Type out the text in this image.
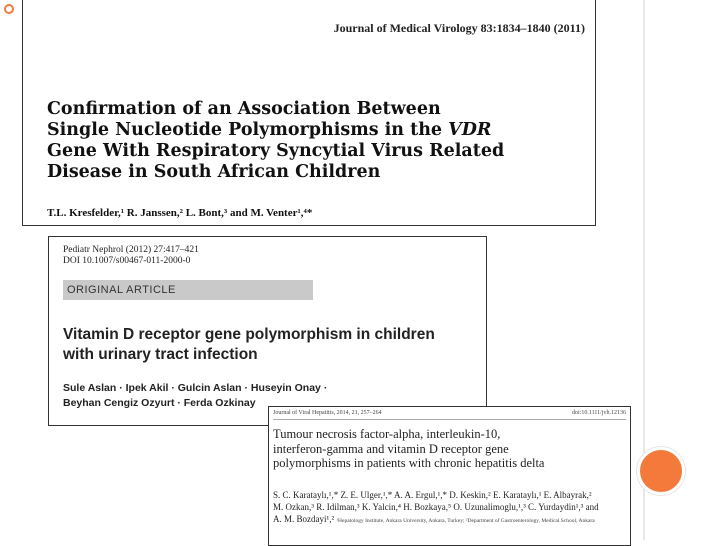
Journal of Medical Virology 83:1834–1840 (2011)
Confirmation of an Association Between
Single Nucleotide Polymorphisms in the VDR
Gene With Respiratory Syncytial Virus Related
Disease in South African Children
T.L. Kresfelder,¹ R. Janssen,² L. Bont,³ and M. Venter¹,⁴*
Pediatr Nephrol (2012) 27:417–421
DOI 10.1007/s00467-011-2000-0
ORIGINAL ARTICLE
Vitamin D receptor gene polymorphism in children
with urinary tract infection
Sule Aslan · Ipek Akil · Gulcin Aslan · Huseyin Onay ·
Beyhan Cengiz Ozyurt · Ferda Ozkinay
Journal of Viral Hepatitis, 2014, 21, 257–264	doi:10.1111/jvh.12136
Tumour necrosis factor-alpha, interleukin-10,
interferon-gamma and vitamin D receptor gene
polymorphisms in patients with chronic hepatitis delta
S. C. Karataylı,¹,* Z. E. Ulger,¹,* A. A. Ergul,¹,* D. Keskin,² E. Karataylı,¹ E. Albayrak,²
M. Ozkan,³ R. Idilman,³ K. Yalcin,⁴ H. Bozkaya,⁵ O. Uzunalimoglu,¹,³ C. Yurdaydin¹,³ and
A. M. Bozdayi¹,² ¹Hepatology Institute, Ankara University, Ankara, Turkey; ²Department of Gastroenterology, Medical School, Ankara
